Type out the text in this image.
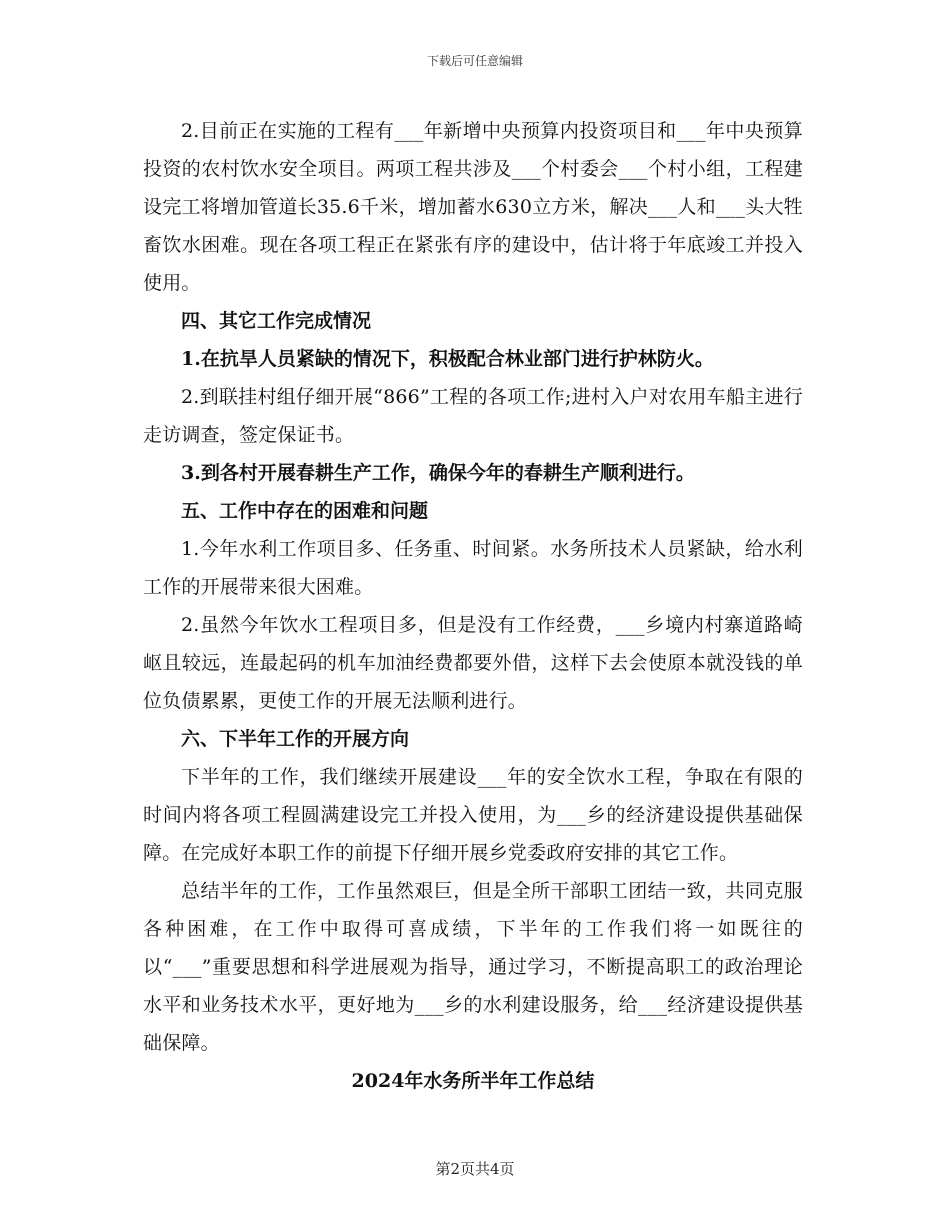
下载后可任意编辑

2.目前正在实施的工程有___年新增中央预算内投资项目和___年中央预算投资的农村饮水安全项目。两项工程共涉及___个村委会___个村小组，工程建设完工将增加管道长35.6千米，增加蓄水630立方米，解决___人和___头大牲畜饮水困难。现在各项工程正在紧张有序的建设中，估计将于年底竣工并投入使用。

四、其它工作完成情况

1.在抗旱人员紧缺的情况下，积极配合林业部门进行护林防火。

2.到联挂村组仔细开展“866”工程的各项工作;进村入户对农用车船主进行走访调查，签定保证书。

3.到各村开展春耕生产工作，确保今年的春耕生产顺利进行。

五、工作中存在的困难和问题

1.今年水利工作项目多、任务重、时间紧。水务所技术人员紧缺，给水利工作的开展带来很大困难。

2.虽然今年饮水工程项目多，但是没有工作经费，___乡境内村寨道路崎岖且较远，连最起码的机车加油经费都要外借，这样下去会使原本就没钱的单位负债累累，更使工作的开展无法顺利进行。

六、下半年工作的开展方向

下半年的工作，我们继续开展建设___年的安全饮水工程，争取在有限的时间内将各项工程圆满建设完工并投入使用，为___乡的经济建设提供基础保障。在完成好本职工作的前提下仔细开展乡党委政府安排的其它工作。

总结半年的工作，工作虽然艰巨，但是全所干部职工团结一致，共同克服各种困难，在工作中取得可喜成绩，下半年的工作我们将一如既往的以“___”重要思想和科学进展观为指导，通过学习，不断提高职工的政治理论水平和业务技术水平，更好地为___乡的水利建设服务，给___经济建设提供基础保障。

2024年水务所半年工作总结

第2页共4页
